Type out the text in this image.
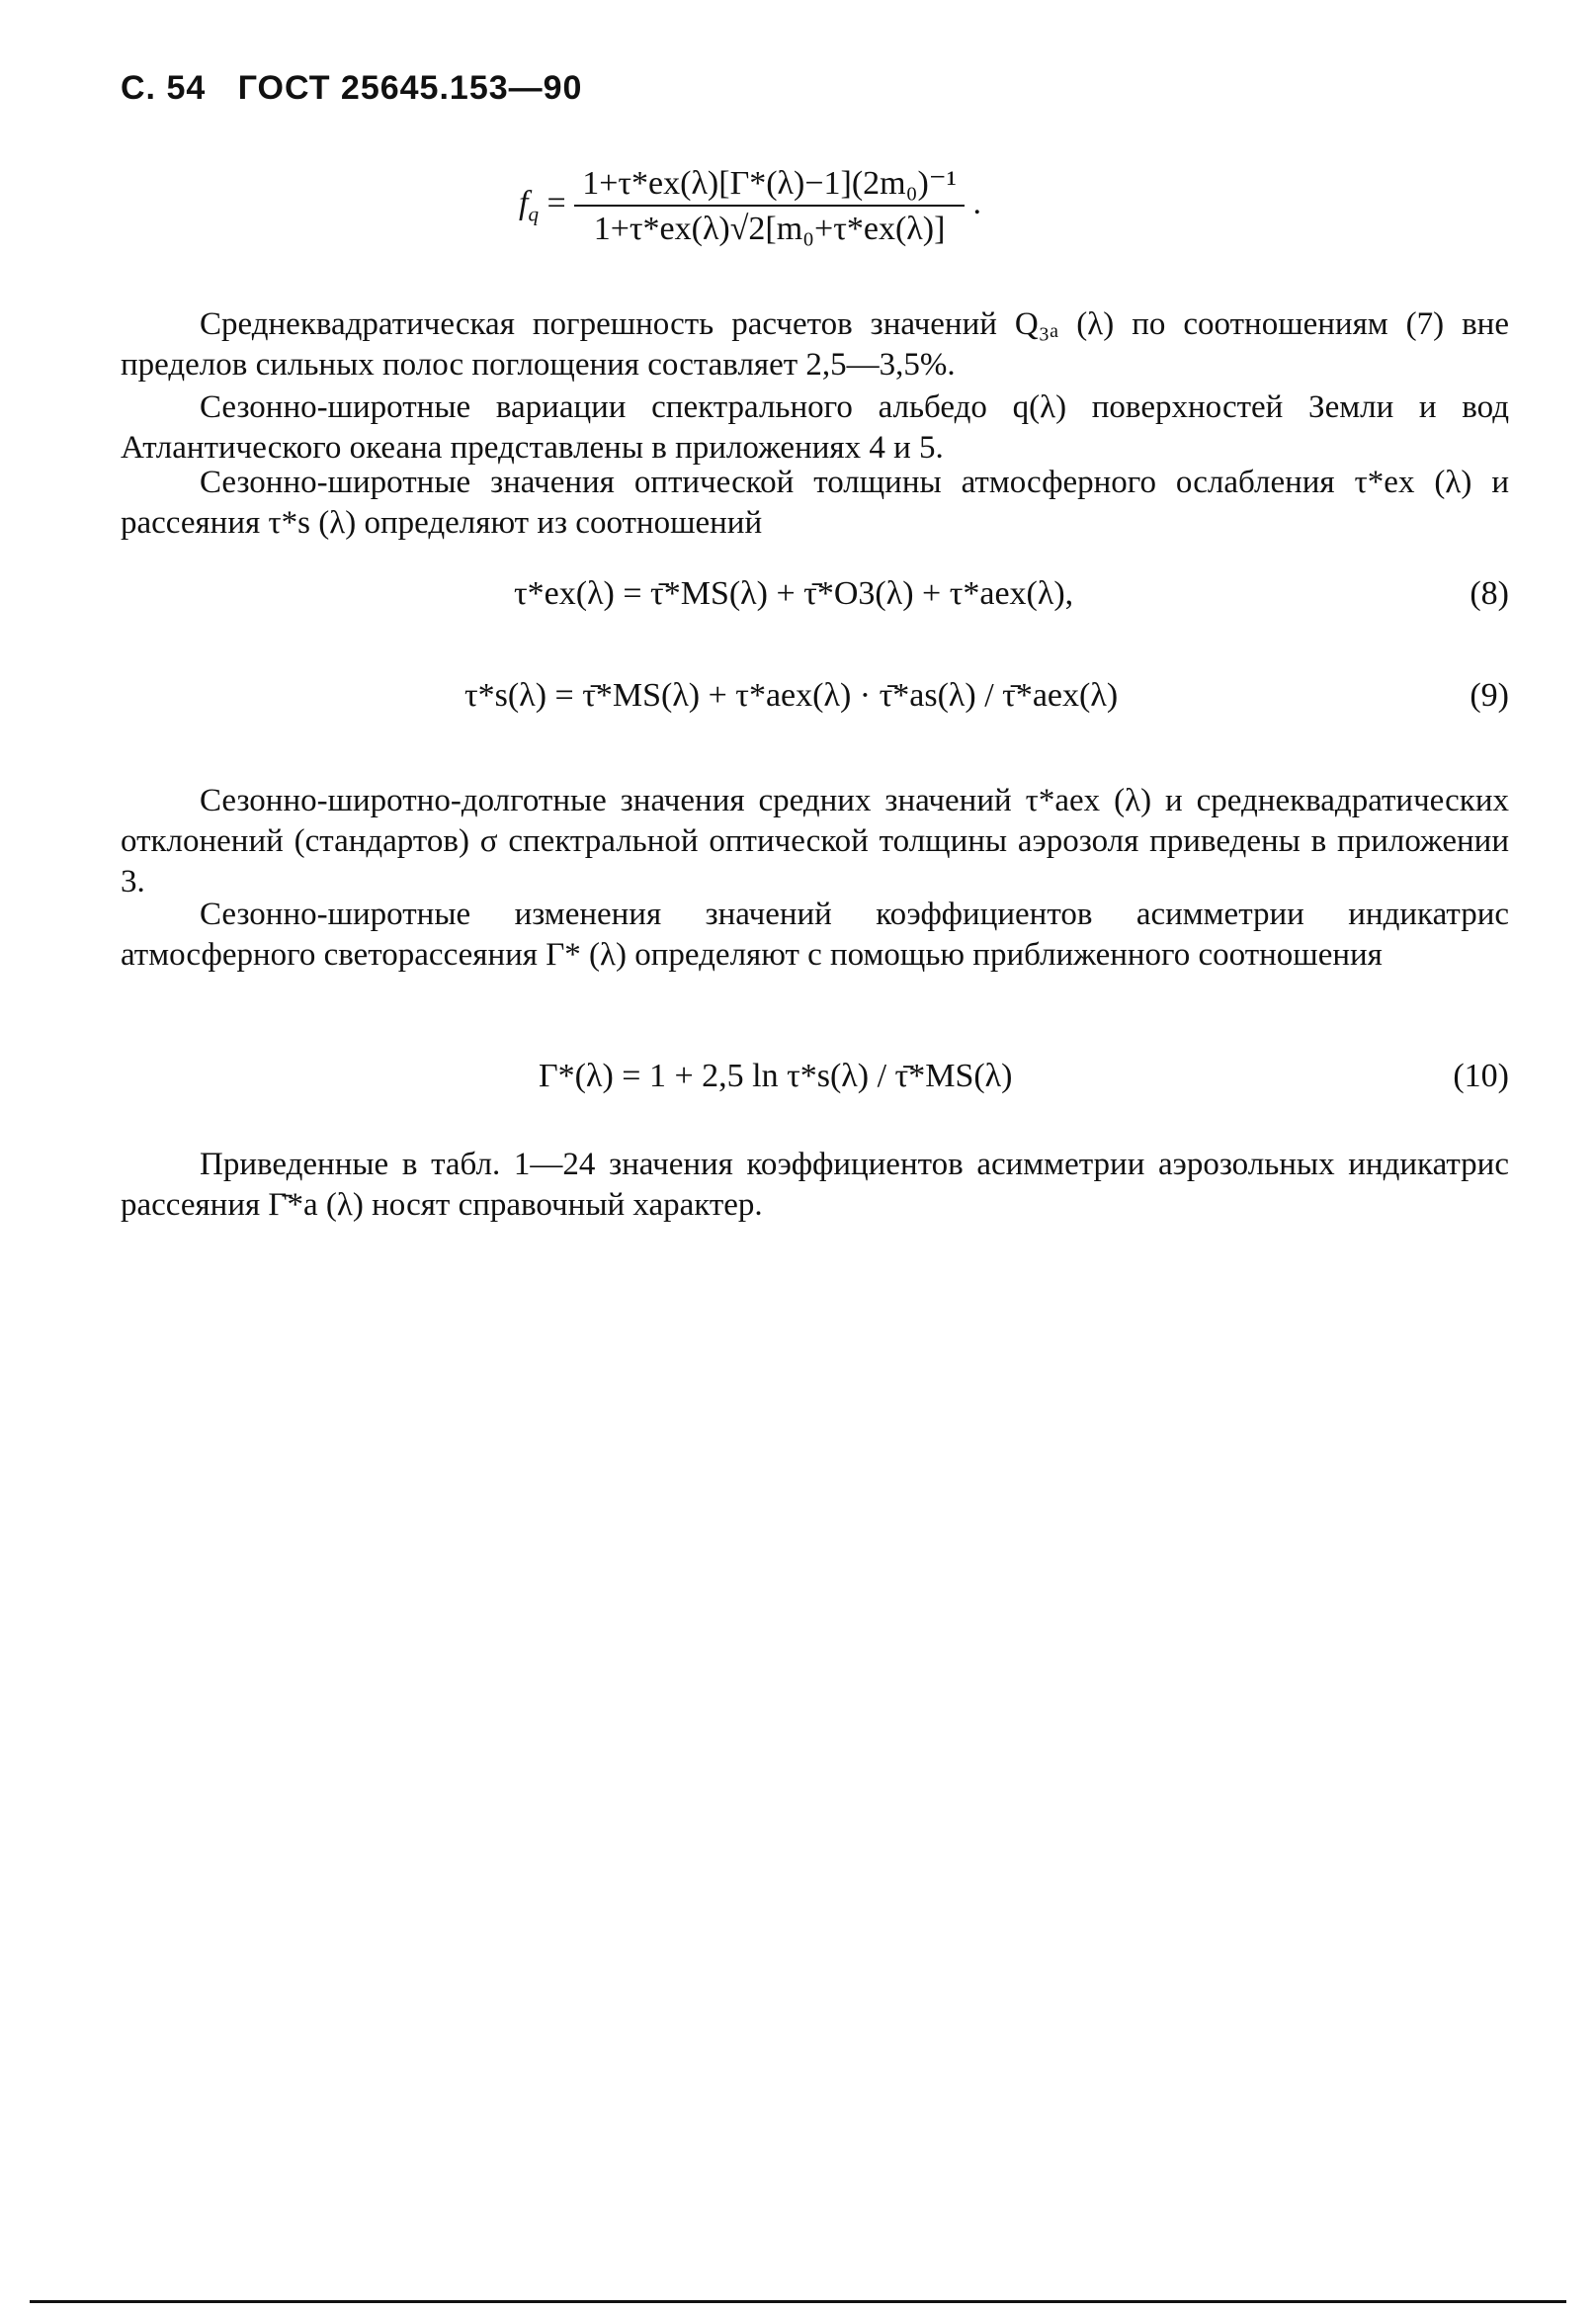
С. 54 ГОСТ 25645.153—90
$f_q = \frac{\text{1+τ*ex(λ)[Γ*(λ)−1](2m₀)⁻¹}}{\text{1+τ*ex(λ)√2[m₀+τ*ex(λ)]}}$ .

Среднеквадратическая погрешность расчетов значений Q₃ₐ (λ) по соотношениям (7) вне пределов сильных полос поглощения составляет 2,5—3,5%.

Сезонно-широтные вариации спектрального альбедо q(λ) поверхностей Земли и вод Атлантического океана представлены в приложениях 4 и 5.

Сезонно-широтные значения оптической толщины атмосферного ослабления τ*ex (λ) и рассеяния τ*s (λ) определяют из соотношений

τ*ex(λ) = τ̄*MS(λ) + τ̄*O3(λ) + τ*aex(λ),	(8)
τ*s(λ) = τ̄*MS(λ) + τ*aex(λ) · τ̄*as(λ) / τ̄*aex(λ)	(9)

Сезонно-широтно-долготные значения средних значений τ*aex (λ) и среднеквадратических отклонений (стандартов) σ спектральной оптической толщины аэрозоля приведены в приложении 3.

Сезонно-широтные изменения значений коэффициентов асимметрии индикатрис атмосферного светорассеяния Γ* (λ) определяют с помощью приближенного соотношения

Γ*(λ) = 1 + 2,5 ln τ*s(λ) / τ̄*MS(λ)	(10)

Приведенные в табл. 1—24 значения коэффициентов асимметрии аэрозольных индикатрис рассеяния Γ̄*a (λ) носят справочный характер.
